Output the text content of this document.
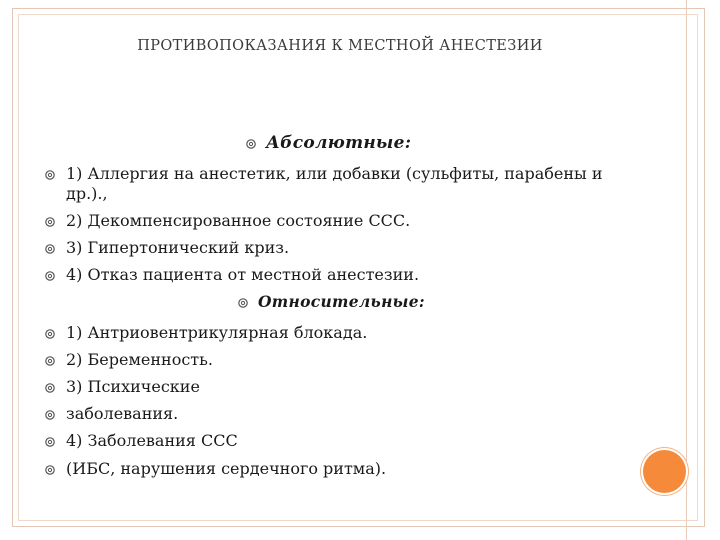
ПРОТИВОПОКАЗАНИЯ К МЕСТНОЙ АНЕСТЕЗИИ
Абсолютные:
1) Аллергия на анестетик, или добавки (сульфиты, парабены и
др.).,
2) Декомпенсированное состояние ССС.
3) Гипертонический криз.
4) Отказ пациента от местной анестезии.
Относительные:
1) Антриовентрикулярная блокада.
2) Беременность.
3) Психические
заболевания.
4) Заболевания ССС
(ИБС, нарушения сердечного ритма).
